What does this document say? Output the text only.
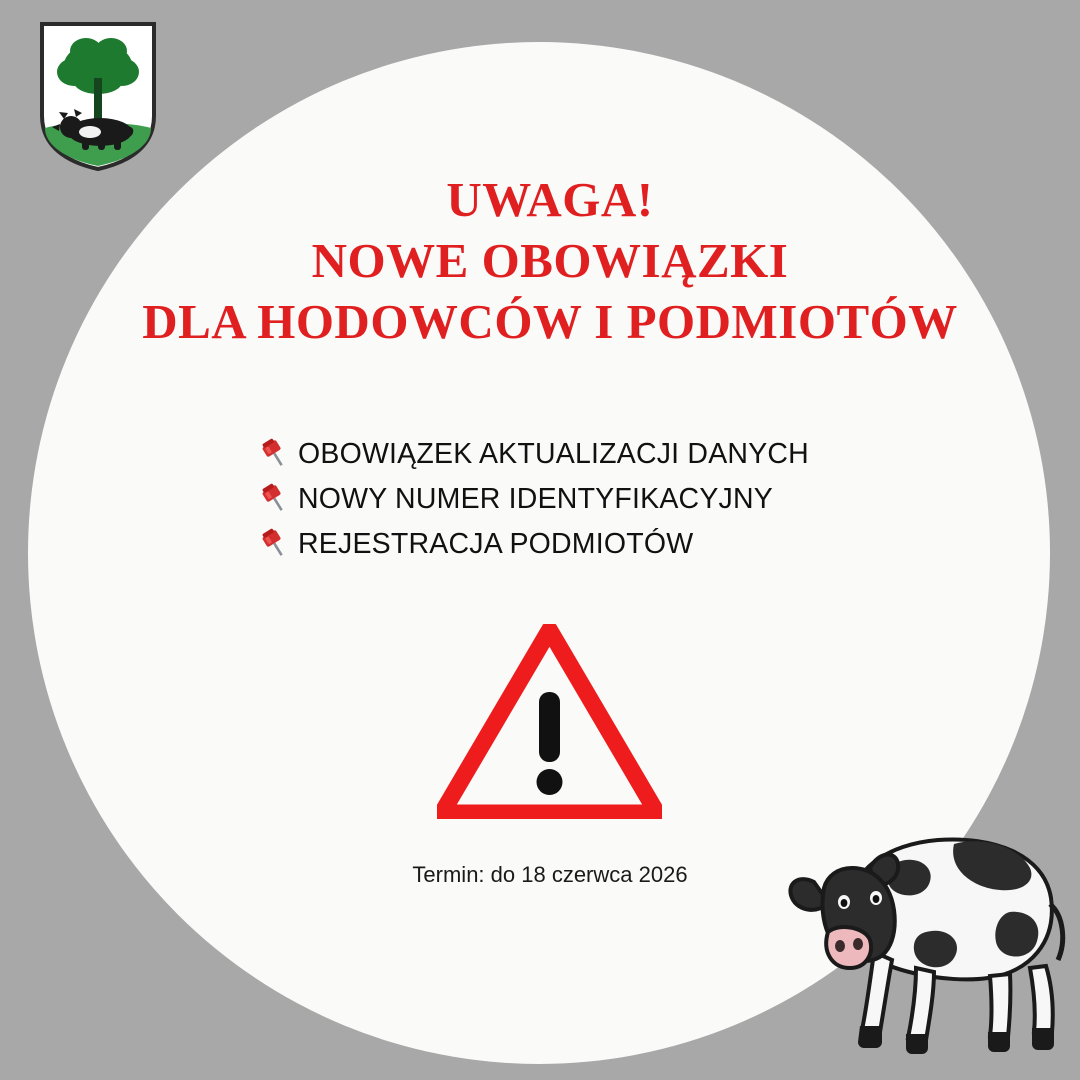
UWAGA!
NOWE OBOWIĄZKI
DLA HODOWCÓW I PODMIOTÓW
OBOWIĄZEK AKTUALIZACJI DANYCH
NOWY NUMER IDENTYFIKACYJNY
REJESTRACJA PODMIOTÓW
Termin: do 18 czerwca 2026
